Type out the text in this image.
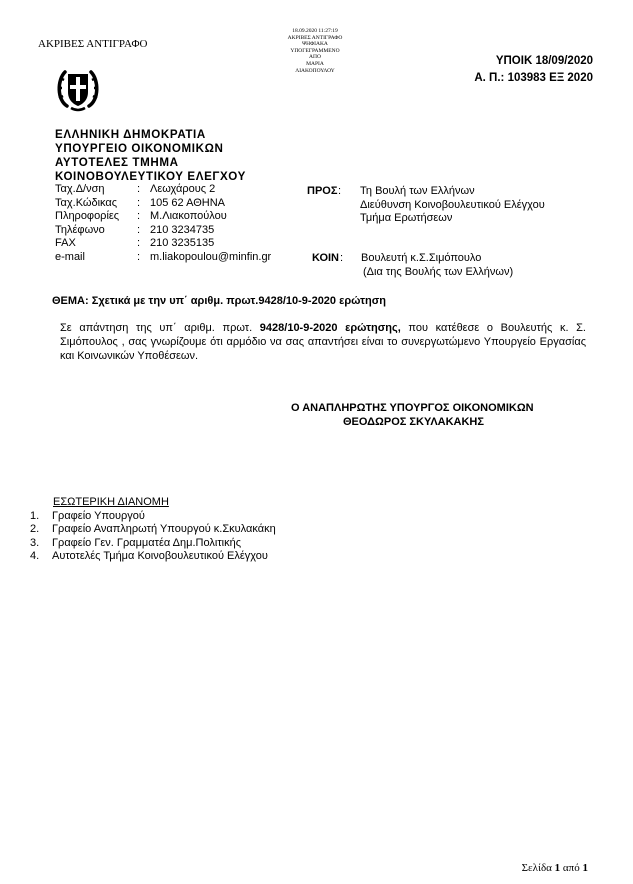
ΑΚΡΙΒΕΣ ΑΝΤΙΓΡΑΦΟ
18.09.2020 11:27:19
ΑΚΡΙΒΕΣ ΑΝΤΙΓΡΑΦΟ
ΨΗΦΙΑΚΑ
ΥΠΟΓΕΓΡΑΜΜΕΝΟ
ΑΠΟ
ΜΑΡΙΑ
ΛΙΑΚΟΠΟΥΛΟΥ
ΥΠΟΙΚ 18/09/2020
Α. Π.: 103983 ΕΞ 2020
ΕΛΛΗΝΙΚΗ ΔΗΜΟΚΡΑΤΙΑ
ΥΠΟΥΡΓΕΙΟ ΟΙΚΟΝΟΜΙΚΩΝ
ΑΥΤΟΤΕΛΕΣ ΤΜΗΜΑ
ΚΟΙΝΟΒΟΥΛΕΥΤΙΚΟΥ ΕΛΕΓΧΟΥ
Ταχ.Δ/νση	: Λεωχάρους 2
Ταχ.Κώδικας : 105 62 ΑΘΗΝΑ
Πληροφορίες : Μ.Λιακοπούλου
Τηλέφωνο	: 210 3234735
FAX	: 210 3235135
e-mail	: m.liakopoulou@minfin.gr
ΠΡΟΣ : Τη Βουλή των Ελλήνων
Διεύθυνση Κοινοβουλευτικού Ελέγχου
Τμήμα Ερωτήσεων
ΚΟΙΝ : Βουλευτή κ.Σ.Σιμόπουλο
(Δια της Βουλής των Ελλήνων)
ΘΕΜΑ: Σχετικά με την υπ΄ αριθμ. πρωτ.9428/10-9-2020 ερώτηση
Σε απάντηση της υπ΄ αριθμ. πρωτ. 9428/10-9-2020 ερώτησης, που κατέθεσε ο Βουλευτής κ. Σ. Σιμόπουλος , σας γνωρίζουμε ότι αρμόδιο να σας απαντήσει είναι το συνεργωτώμενο Υπουργείο Εργασίας και Κοινωνικών Υποθέσεων.
Ο ΑΝΑΠΛΗΡΩΤΗΣ ΥΠΟΥΡΓΟΣ ΟΙΚΟΝΟΜΙΚΩΝ
ΘΕΟΔΩΡΟΣ ΣΚΥΛΑΚΑΚΗΣ
ΕΣΩΤΕΡΙΚΗ ΔΙΑΝΟΜΗ
1. Γραφείο Υπουργού
2. Γραφείο Αναπληρωτή Υπουργού κ.Σκυλακάκη
3. Γραφείο Γεν. Γραμματέα Δημ.Πολιτικής
4. Αυτοτελές Τμήμα Κοινοβουλευτικού Ελέγχου
Σελίδα 1 από 1
